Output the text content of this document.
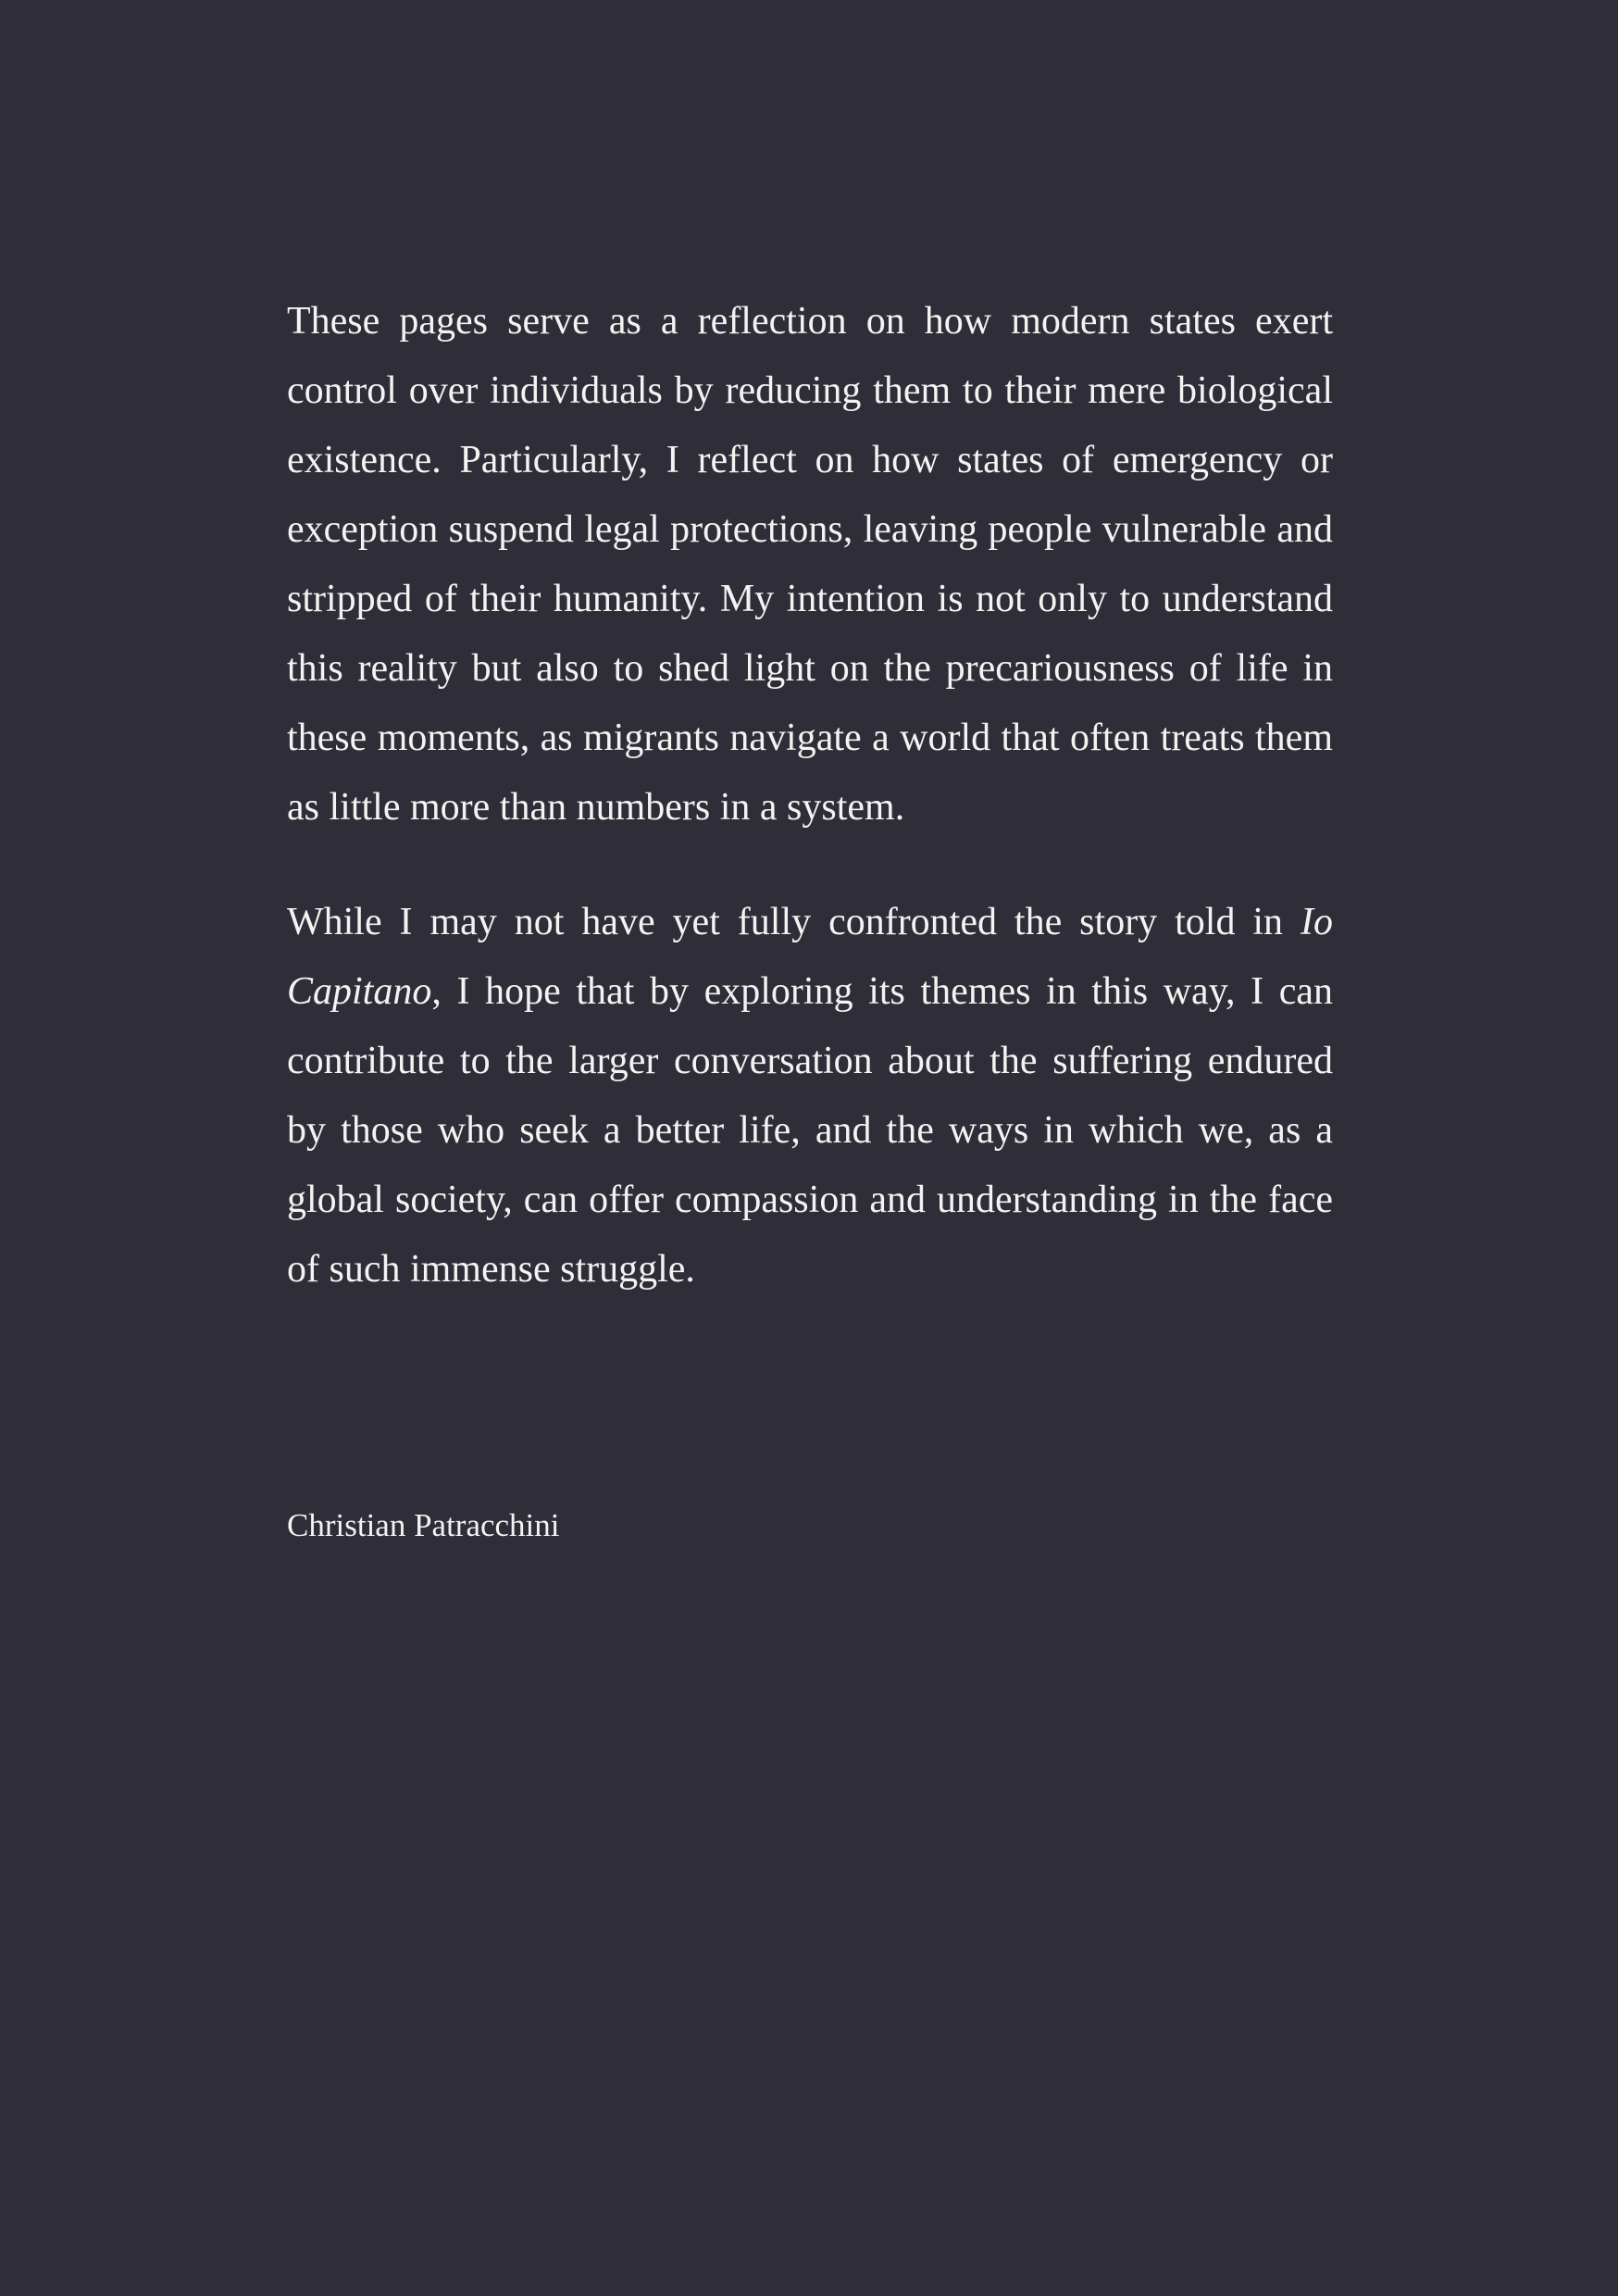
These pages serve as a reflection on how modern states exert control over individuals by reducing them to their mere biological existence. Particularly, I reflect on how states of emergency or exception suspend legal protections, leaving people vulnerable and stripped of their humanity. My intention is not only to understand this reality but also to shed light on the precariousness of life in these moments, as migrants navigate a world that often treats them as little more than numbers in a system.

While I may not have yet fully confronted the story told in Io Capitano, I hope that by exploring its themes in this way, I can contribute to the larger conversation about the suffering endured by those who seek a better life, and the ways in which we, as a global society, can offer compassion and understanding in the face of such immense struggle.

Christian Patracchini
